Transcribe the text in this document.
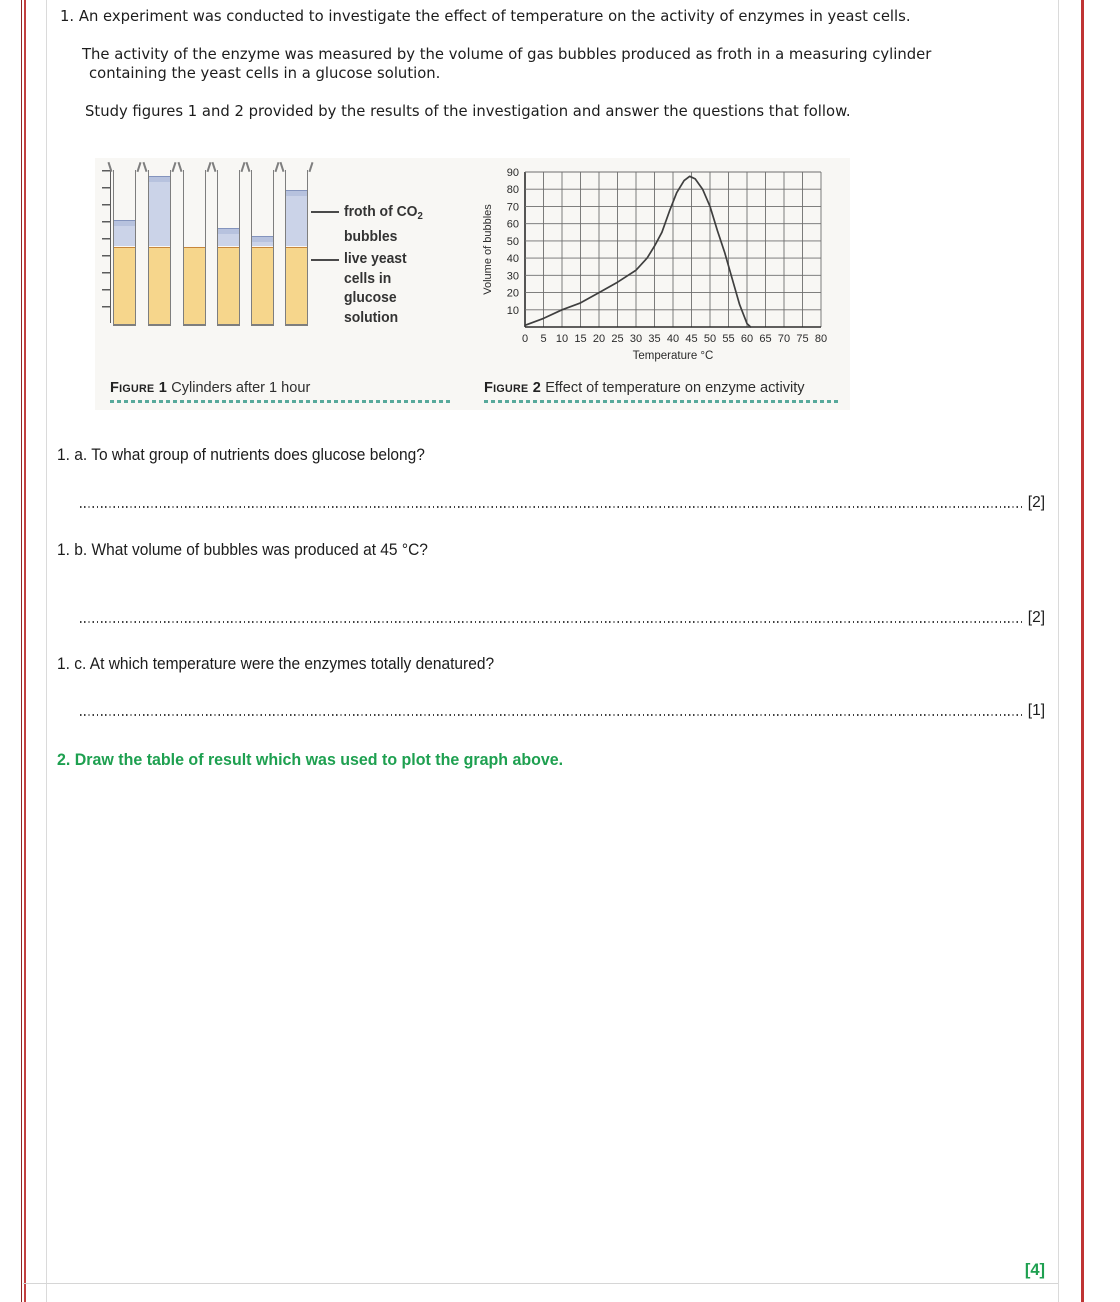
1. An experiment was conducted to investigate the effect of temperature on the activity of enzymes in yeast cells.
The activity of the enzyme was measured by the volume of gas bubbles produced as froth in a measuring cylinder
containing the yeast cells in a glucose solution.
Study figures 1 and 2 provided by the results of the investigation and answer the questions that follow.
froth of $CO_2$
bubbles
live yeast
cells in
glucose
solution	10
20
30
40
50
60
70
80
90
0 5 10 15 20 25 30 35 40 45 50 55 60 65 70 75 80
Temperature °C
Volume of bubbles
Figure 1 Cylinders after 1 hour	Figure 2 Effect of temperature on enzyme activity
1. a. To what group of nutrients does glucose belong?
[2]
1. b. What volume of bubbles was produced at 45 °C?
[2]
1. c. At which temperature were the enzymes totally denatured?
[1]
2. Draw the table of result which was used to plot the graph above.
[4]
